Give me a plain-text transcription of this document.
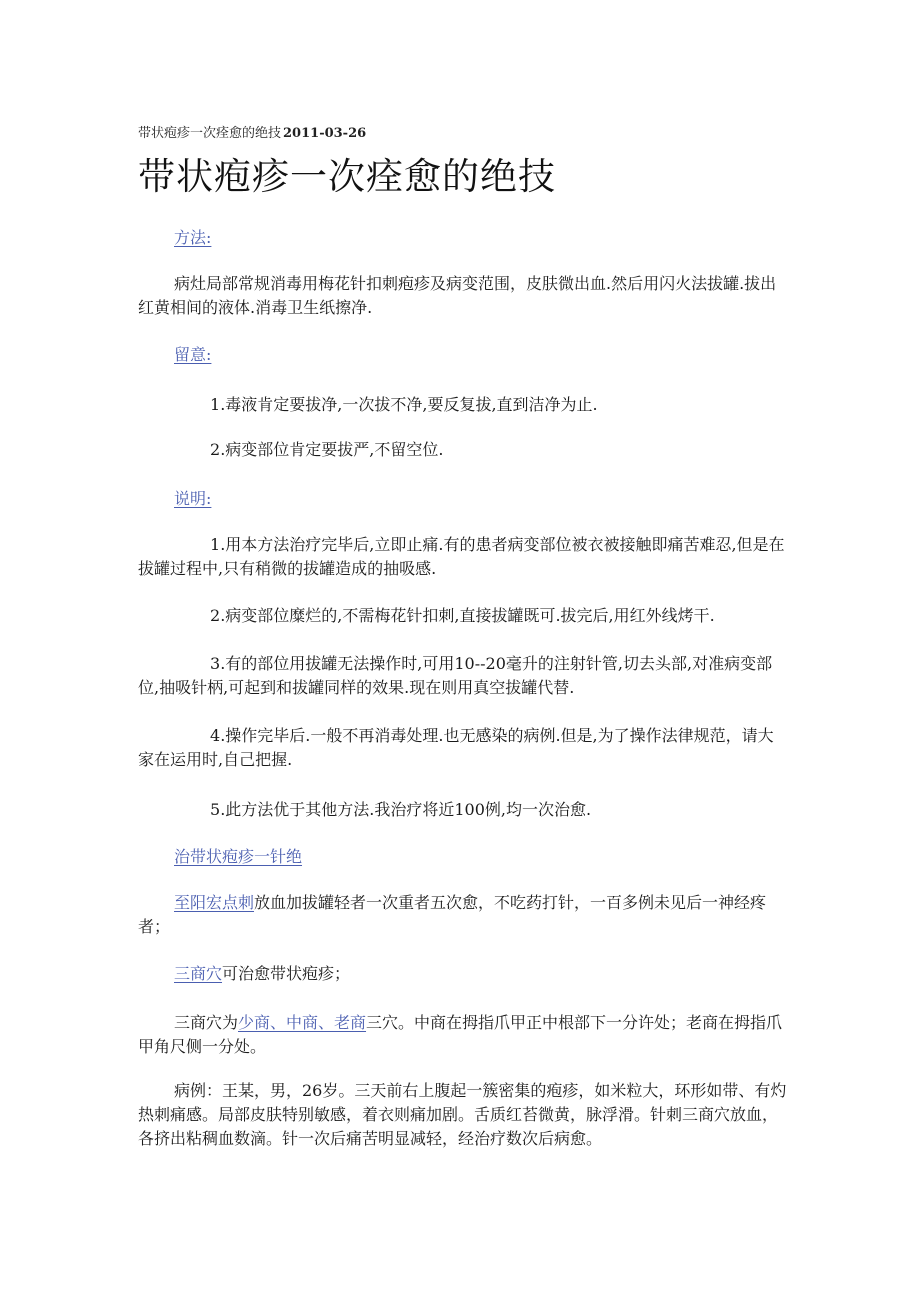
带状疱疹一次痊愈的绝技 2011-03-26
带状疱疹一次痊愈的绝技
方法:
病灶局部常规消毒用梅花针扣刺疱疹及病变范围，皮肤微出血.然后用闪火法拔罐.拔出红黄相间的液体.消毒卫生纸擦净.
留意:
1.毒液肯定要拔净,一次拔不净,要反复拔,直到洁净为止.
2.病变部位肯定要拔严,不留空位.
说明:
1.用本方法治疗完毕后,立即止痛.有的患者病变部位被衣被接触即痛苦难忍,但是在拔罐过程中,只有稍微的拔罐造成的抽吸感.
2.病变部位糜烂的,不需梅花针扣刺,直接拔罐既可.拔完后,用红外线烤干.
3.有的部位用拔罐无法操作时,可用10--20毫升的注射针管,切去头部,对准病变部位,抽吸针柄,可起到和拔罐同样的效果.现在则用真空拔罐代替.
4.操作完毕后.一般不再消毒处理.也无感染的病例.但是,为了操作法律规范，请大家在运用时,自己把握.
5.此方法优于其他方法.我治疗将近100例,均一次治愈.
治带状疱疹一针绝
至阳宏点刺放血加拔罐轻者一次重者五次愈，不吃药打针，一百多例未见后一神经疼者；
三商穴可治愈带状疱疹；
三商穴为少商、中商、老商三穴。中商在拇指爪甲正中根部下一分许处；老商在拇指爪甲角尺侧一分处。
病例：王某，男，26岁。三天前右上腹起一簇密集的疱疹，如米粒大，环形如带、有灼热刺痛感。局部皮肤特别敏感，着衣则痛加剧。舌质红苔微黄，脉浮滑。针刺三商穴放血，各挤出粘稠血数滴。针一次后痛苦明显减轻，经治疗数次后病愈。
